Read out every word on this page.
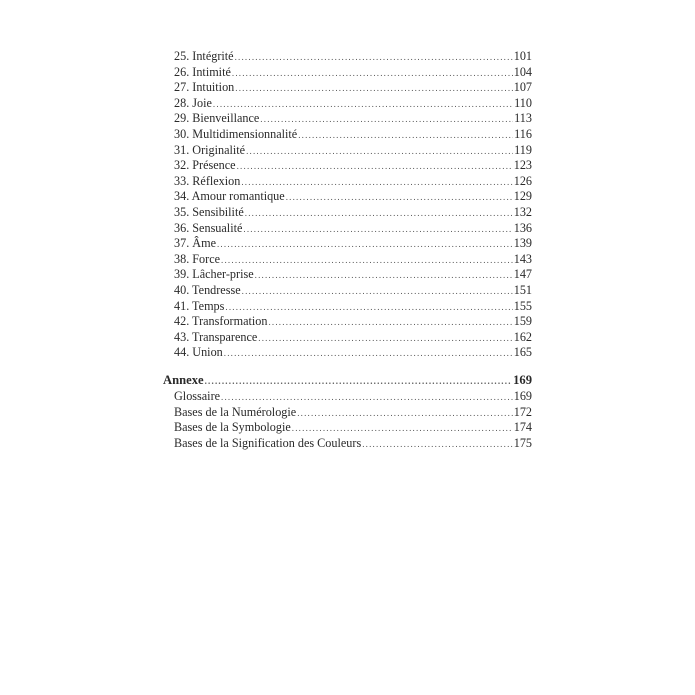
25. Intégrité .....	101
26. Intimité .....	104
27. Intuition .....	107
28. Joie .....	110
29. Bienveillance .....	113
30. Multidimensionnalité .....	116
31. Originalité .....	119
32. Présence .....	123
33. Réflexion .....	126
34. Amour romantique .....	129
35. Sensibilité .....	132
36. Sensualité .....	136
37. Âme .....	139
38. Force .....	143
39. Lâcher-prise .....	147
40. Tendresse .....	151
41. Temps .....	155
42. Transformation .....	159
43. Transparence .....	162
44. Union .....	165
Annexe .....	169
Glossaire .....	169
Bases de la Numérologie .....	172
Bases de la Symbologie .....	174
Bases de la Signification des Couleurs .....	175
